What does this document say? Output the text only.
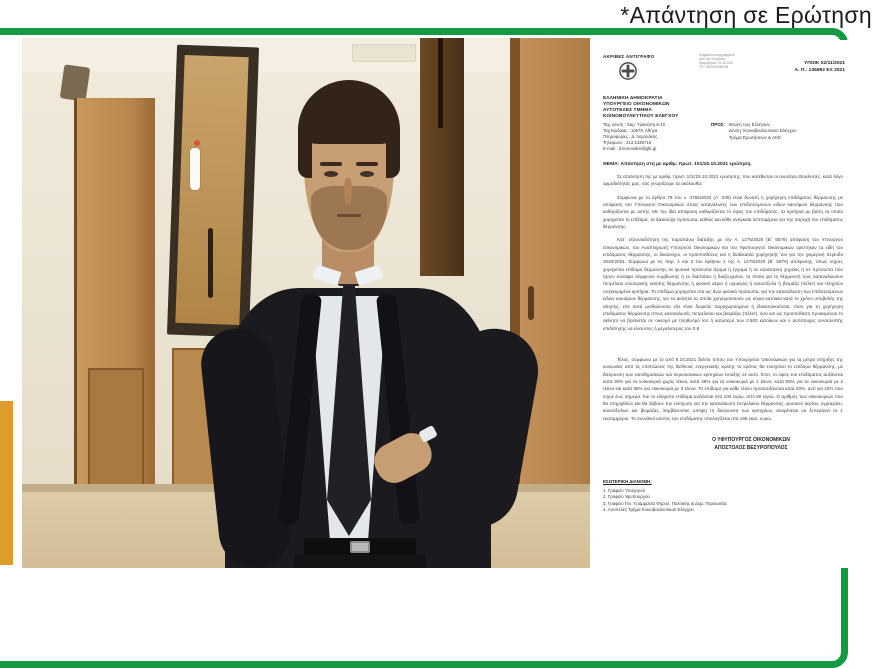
*Απάντηση σε Ερώτηση
ΑΚΡΙΒΕΣ ΑΝΤΙΓΡΑΦΟ	Ψηφιακά υπογεγραμμένο
από την Υπηρεσία
Ημερομηνία: 02.11.2021
ΥΠ. ΟΙΚΟΝΟΜΙΚΩΝ
ΥΠΟΙΚ 02/11/2021
Α. Π.: 136952 ΕΞ 2021
ΕΛΛΗΝΙΚΗ ΔΗΜΟΚΡΑΤΙΑ
ΥΠΟΥΡΓΕΙΟ ΟΙΚΟΝΟΜΙΚΩΝ
ΑΥΤΟΤΕΛΕΣ ΤΜΗΜΑ
ΚΟΙΝΟΒΟΥΛΕΥΤΙΚΟΥ ΕΛΕΓΧΟΥ
Ταχ. Δ/νση : Χαρ. Τρικούπη 6-10
Ταχ.Κώδικας : 10679, Αθήνα
Πληροφορίες : Δ. Λεμονάκης
Τηλέφωνο : 213 1339715
E-mail : d.lemonakis@glk.gr
ΠΡΟΣ: Βουλή των Ελλήνων
Δ/νση: Κοινοβουλευτικού Ελέγχου
Τμήμα Ερωτήσεων & ΑΚΕ
ΘΕΜΑ: Απάντηση στη με αριθμ. πρωτ. 101/15.10.2021 ερώτηση.
Σε απάντηση της με αριθμ. πρωτ. 101/15.10.2021 ερώτησης, που κατέθεσαν οι ανωτέρω Βουλευτές, κατά λόγο αρμοδιότητάς μας, σας γνωρίζουμε τα ακόλουθα:
Σύμφωνα με το άρθρο 79 του ν. 4756/2020 (Α΄ 235) είναι δυνατή η χορήγηση επιδόματος θέρμανσης με απόφαση του Υπουργού Οικονομικών στους καταναλωτές των επιδοτούμενων ειδών καυσίμων θέρμανσης που καθορίζονται με αυτήν. Με την ίδια απόφαση καθορίζονται το ύψος του επιδόματος, τα κριτήρια με βάση τα οποία χορηγείται το επίδομα, τα δικαιούχα πρόσωπα, καθώς και κάθε αναγκαία λεπτομέρεια για την παροχή του επιδόματος θέρμανσης.
Κατ΄ εξουσιοδότηση της παραπάνω διάταξης με την Α. 1275/2020 (Β΄ 5576) απόφαση του Υπουργού Οικονομικών, του Αναπληρωτή Υπουργού Οικονομικών και του Υφυπουργού Οικονομικών ορίστηκαν τα είδη του επιδόματος θέρμανσης, οι δικαιούχοι, οι προϋποθέσεις και η διαδικασία χορήγησής του για την χειμερινή περίοδο 2020/2021. Σύμφωνα με τις παρ. 1 και 2 του άρθρου 1 της Α. 1275/2020 (Β΄ 5576) απόφασης, όπως ισχύει, χορηγείται επίδομα θέρμανσης σε φυσικά πρόσωπα άγαμα ή έγγαμα ή σε κατάσταση χηρείας ή σε πρόσωπα που έχουν συνάψει σύμφωνο συμβίωσης ή εν διαστάσει ή διαζευγμένα, τα οποία για τη θέρμανσή τους καταναλώνουν πετρέλαιο εσωτερικής καύσης θέρμανσης ή φυσικό αέριο ή υγραέριο ή καυσόξυλα ή βιομάζα (πέλετ) και πληρούν συγκεκριμένα κριτήρια. Το επίδομα χορηγείται στα ως άνω φυσικά πρόσωπα, για την κατανάλωση των επιδοτούμενων ειδών καυσίμων θέρμανσης, για τα ακίνητα τα οποία χρησιμοποιούν ως κύρια κατοικία κατά το χρόνο υποβολής της αίτησης, είτε αυτά μισθώνονται είτε είναι δωρεάν παραχωρούμενα ή ιδιοκατοικούνται, τόσο για τη χορήγηση επιδόματος θέρμανσης στους καταναλωτές πετρελαίου και βιομάζας (πέλετ), όσο και ως προϋπόθεση προκειμένου το ακίνητο να βρίσκεται σε οικισμό με πληθυσμό ίσο ή κατώτερο των 2.500 κατοίκων και ο αντίστοιχος συντελεστής επιδότησης να είναι ίσος ή μεγαλύτερος του 0,8.
Τέλος, σύμφωνα με το από 8.10.2021 δελτίο τύπου του Υπουργείου Οικονομικών για τα μέτρα στήριξης της κοινωνίας από τις επιπτώσεις της διεθνούς ενεργειακής κρίσης το κράτος θα ενισχύσει το επίδομα θέρμανσης, με διεύρυνση των εισοδηματικών και περιουσιακών κριτηρίων ένταξης σε αυτό. Έτσι, το ύψος του επιδόματος αυξάνεται κατά 30% για τα νοικοκυριά χωρίς τέκνα, κατά 48% για τα νοικοκυριά με 1 τέκνο, κατά 59% για τα νοικοκυριά με 2 τέκνα και κατά 68% για νοικοκυριά με 3 τέκνα. Το επίδομα για κάθε τέκνο προσαυξάνεται κατά 20%, αντί για 10% που ίσχυε έως σήμερα. Και το ελάχιστο επίδομα αυξάνεται στα 100 ευρώ, από 80 ευρώ. Ο αριθμός των νοικοκυριών που θα στηριχθούν και θα λάβουν την ενίσχυση για την κατανάλωση πετρελαίου θέρμανσης, φυσικού αερίου, υγραερίου, καυσόξυλων και βιομάζας, λαμβάνοντας υπόψη τη διεύρυνση των κριτηρίων, αναμένεται να ξεπεράσει το 1 εκατομμύριο. Το συνολικό κόστος του επιδόματος υπολογίζεται στα 168 εκατ. ευρώ.
Ο ΥΦΥΠΟΥΡΓΟΣ ΟΙΚΟΝΟΜΙΚΩΝ
ΑΠΟΣΤΟΛΟΣ ΒΕΣΥΡΟΠΟΥΛΟΣ
ΕΣΩΤΕΡΙΚΗ ΔΙΑΝΟΜΗ:
1. Γραφείο Υπουργού
2. Γραφείο Υφυπουργού
3. Γραφείο Γεν. Γραμματέα Φορολ. Πολιτικής & Δημ. Περιουσίας
4. Αυτοτελές Τμήμα Κοινοβουλευτικού Ελέγχου
